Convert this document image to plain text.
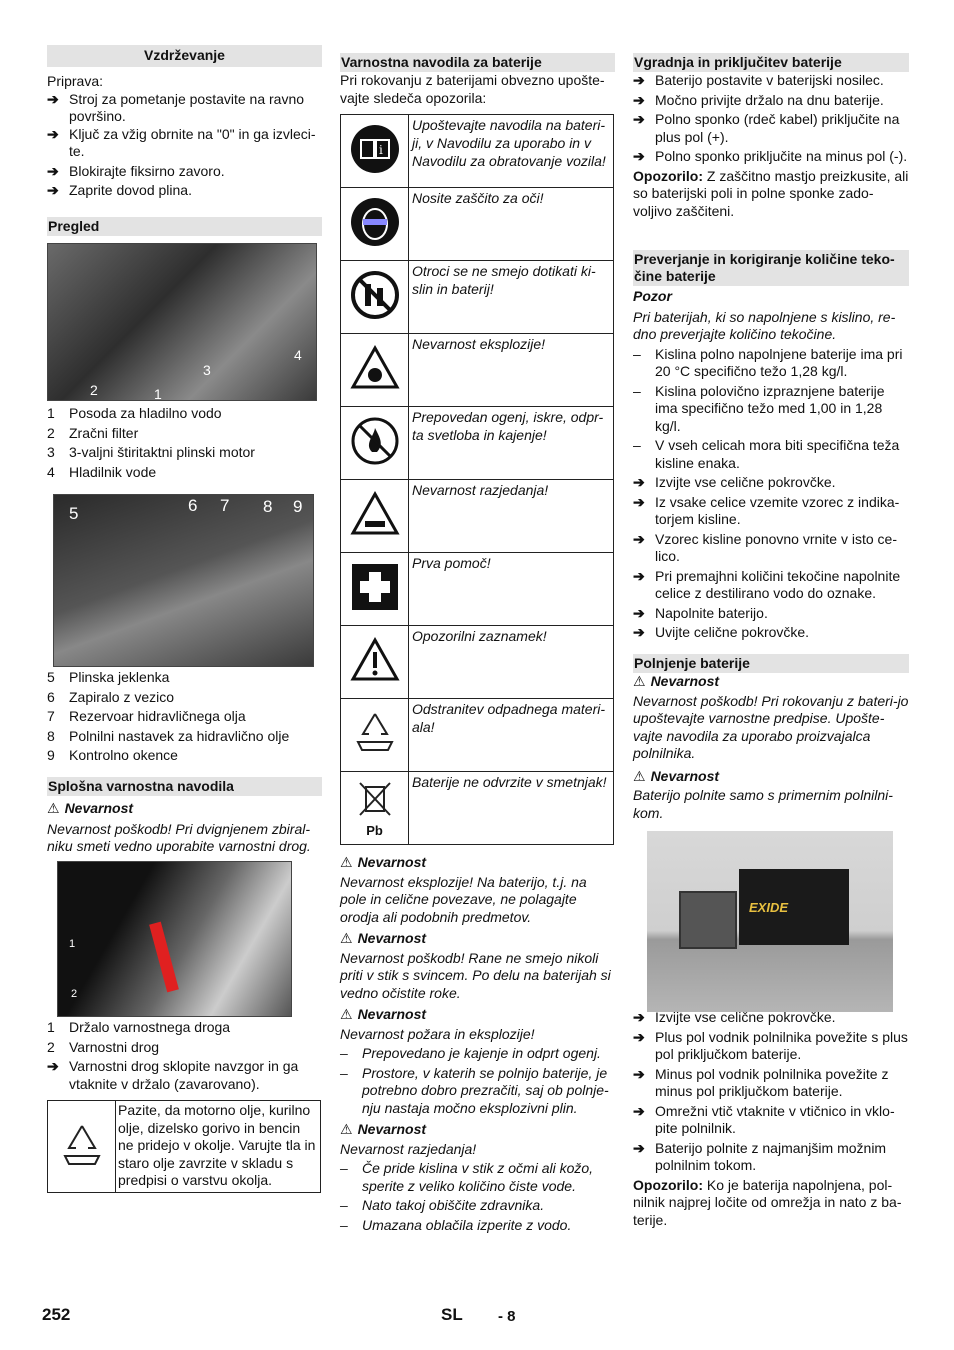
Vzdrževanje
Priprava:
➔ Stroj za pometanje postavite na ravno površino.
➔ Ključ za vžig obrnite na "0" in ga izvleci-te.
➔ Blokirajte fiksirno zavoro.
➔ Zaprite dovod plina.
Pregled
2	1
3
4
1	Posoda za hladilno vodo
2	Zračni filter
3	3-valjni štiritaktni plinski motor
4	Hladilnik vode
5	6 7 8 9
5	Plinska jeklenka
6	Zapiralo z vezico
7	Rezervoar hidravličnega olja
8	Polnilni nastavek za hidravlično olje
9	Kontrolno okence
Splošna varnostna navodila
⚠ Nevarnost
Nevarnost poškodb! Pri dvignjenem zbiral-niku smeti vedno uporabite varnostni drog.
1
2
1	Držalo varnostnega droga
2	Varnostni drog
➔ Varnostni drog sklopite navzgor in ga vtaknite v držalo (zavarovano).
Pazite, da motorno olje, kurilno olje, dizelsko gorivo in bencin ne pridejo v okolje. Varujte tla in staro olje zavrzite v skladu s predpisi o varstvu okolja.
Varnostna navodila za baterije
Pri rokovanju z baterijami obvezno upošte-vajte sledeča opozorila:
i	Upoštevajte navodila na bateri-ji, v Navodilu za uporabo in v Navodilu za obratovanje vozila!
	Nosite zaščito za oči!
	Otroci se ne smejo dotikati ki-slin in baterij!
	Nevarnost eksplozije!
	Prepovedan ogenj, iskre, odpr-ta svetloba in kajenje!
	Nevarnost razjedanja!
	Prva pomoč!
	Opozorilni zaznamek!
	Odstranitev odpadnega materi-ala!

Pb	Baterije ne odvrzite v smetnjak!
⚠ Nevarnost
Nevarnost eksplozije! Na baterijo, t.j. na pole in celične povezave, ne polagajte orodja ali podobnih predmetov.
⚠ Nevarnost
Nevarnost poškodb! Rane ne smejo nikoli priti v stik s svincem. Po delu na baterijah si vedno očistite roke.
⚠ Nevarnost
Nevarnost požara in eksplozije!
–	Prepovedano je kajenje in odprt ogenj.
–	Prostore, v katerih se polnijo baterije, je potrebno dobro prezračiti, saj ob polnje-nju nastaja močno eksplozivni plin.
⚠ Nevarnost
Nevarnost razjedanja!
–	Če pride kislina v stik z očmi ali kožo, sperite z veliko količino čiste vode.
–	Nato takoj obiščite zdravnika.
–	Umazana oblačila izperite z vodo.
Vgradnja in priključitev baterije
➔ Baterijo postavite v baterijski nosilec.
➔ Močno privijte držalo na dnu baterije.
➔ Polno sponko (rdeč kabel) priključite na plus pol (+).
➔ Polno sponko priključite na minus pol (-).
Opozorilo: Z zaščitno mastjo preizkusite, ali so baterijski poli in polne sponke zado-voljivo zaščiteni.
Preverjanje in korigiranje količine teko-čine baterije
Pozor
Pri baterijah, ki so napolnjene s kislino, re-dno preverjajte količino tekočine.
–	Kislina polno napolnjene baterije ima pri 20 °C specifično težo 1,28 kg/l.
–	Kislina polovično izpraznjene baterije ima specifično težo med 1,00 in 1,28 kg/l.
–	V vseh celicah mora biti specifična teža kisline enaka.
➔ Izvijte vse celične pokrovčke.
➔ Iz vsake celice vzemite vzorec z indika-torjem kisline.
➔ Vzorec kisline ponovno vrnite v isto ce-lico.
➔ Pri premajhni količini tekočine napolnite celice z destilirano vodo do oznake.
➔ Napolnite baterijo.
➔ Uvijte celične pokrovčke.
Polnjenje baterije
⚠ Nevarnost
Nevarnost poškodb! Pri rokovanju z bateri-jo upoštevajte varnostne predpise. Upošte-vajte navodila za uporabo proizvajalca polnilnika.
⚠ Nevarnost
Baterijo polnite samo s primernim polnilni-kom.
EXIDE
➔ Izvijte vse celične pokrovčke.
➔ Plus pol vodnik polnilnika povežite s plus pol priključkom baterije.
➔ Minus pol vodnik polnilnika povežite z minus pol priključkom baterije.
➔ Omrežni vtič vtaknite v vtičnico in vklo-pite polnilnik.
➔ Baterijo polnite z najmanjšim možnim polnilnim tokom.
Opozorilo: Ko je baterija napolnjena, pol-nilnik najprej ločite od omrežja in nato z ba-terije.
252	SL - 8
